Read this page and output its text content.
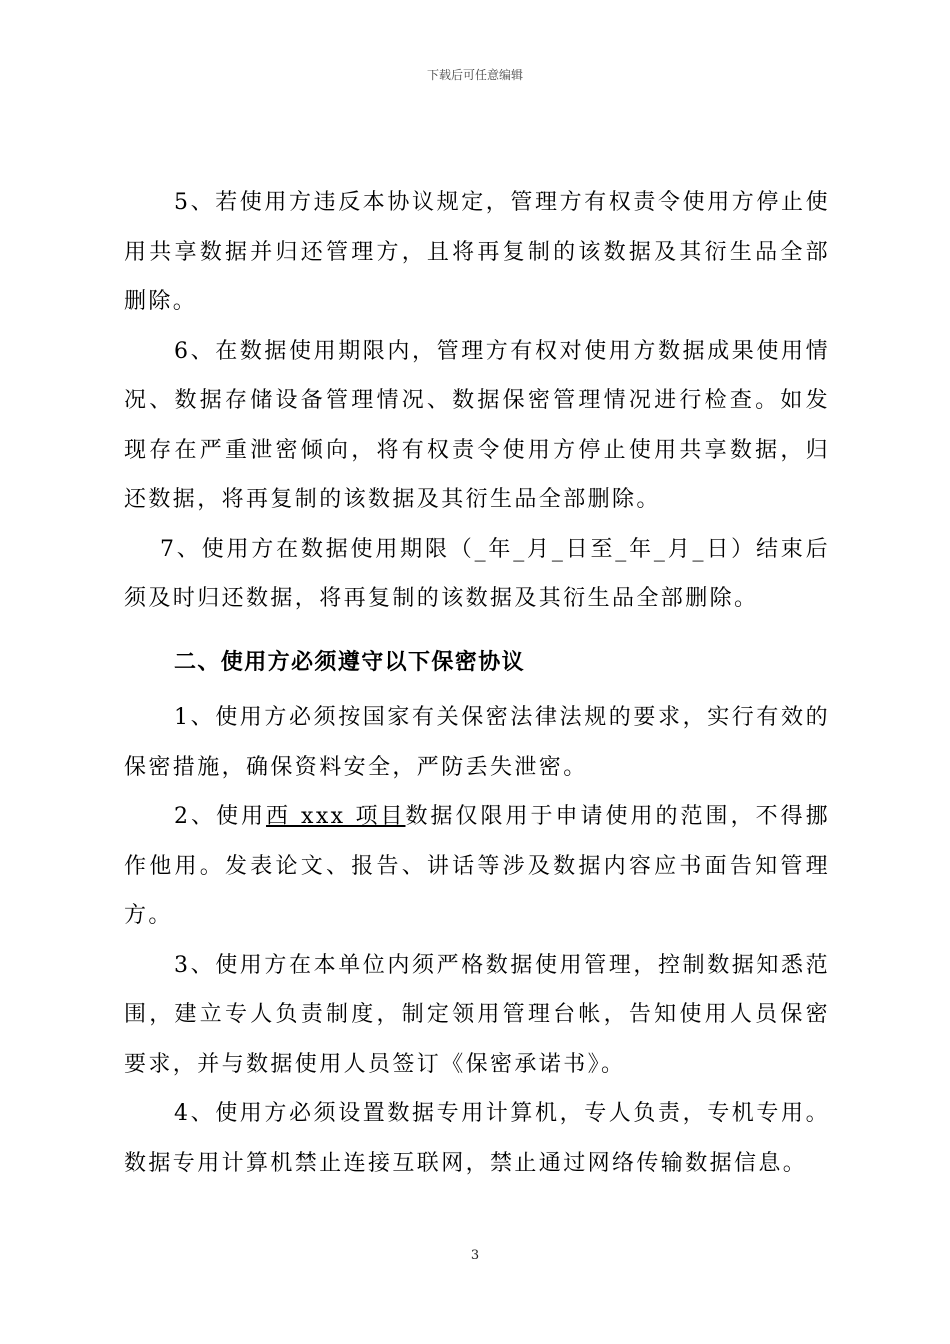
下载后可任意编辑

5、若使用方违反本协议规定，管理方有权责令使用方停止使用共享数据并归还管理方，且将再复制的该数据及其衍生品全部删除。

6、在数据使用期限内，管理方有权对使用方数据成果使用情况、数据存储设备管理情况、数据保密管理情况进行检查。如发现存在严重泄密倾向，将有权责令使用方停止使用共享数据，归还数据，将再复制的该数据及其衍生品全部删除。

7、使用方在数据使用期限（_年_月_日至_年_月_日）结束后须及时归还数据，将再复制的该数据及其衍生品全部删除。

二、使用方必须遵守以下保密协议

1、使用方必须按国家有关保密法律法规的要求，实行有效的保密措施，确保资料安全，严防丢失泄密。

2、使用西 xxx 项目数据仅限用于申请使用的范围，不得挪作他用。发表论文、报告、讲话等涉及数据内容应书面告知管理方。

3、使用方在本单位内须严格数据使用管理，控制数据知悉范围，建立专人负责制度，制定领用管理台帐，告知使用人员保密要求，并与数据使用人员签订《保密承诺书》。

4、使用方必须设置数据专用计算机，专人负责，专机专用。数据专用计算机禁止连接互联网，禁止通过网络传输数据信息。

3
